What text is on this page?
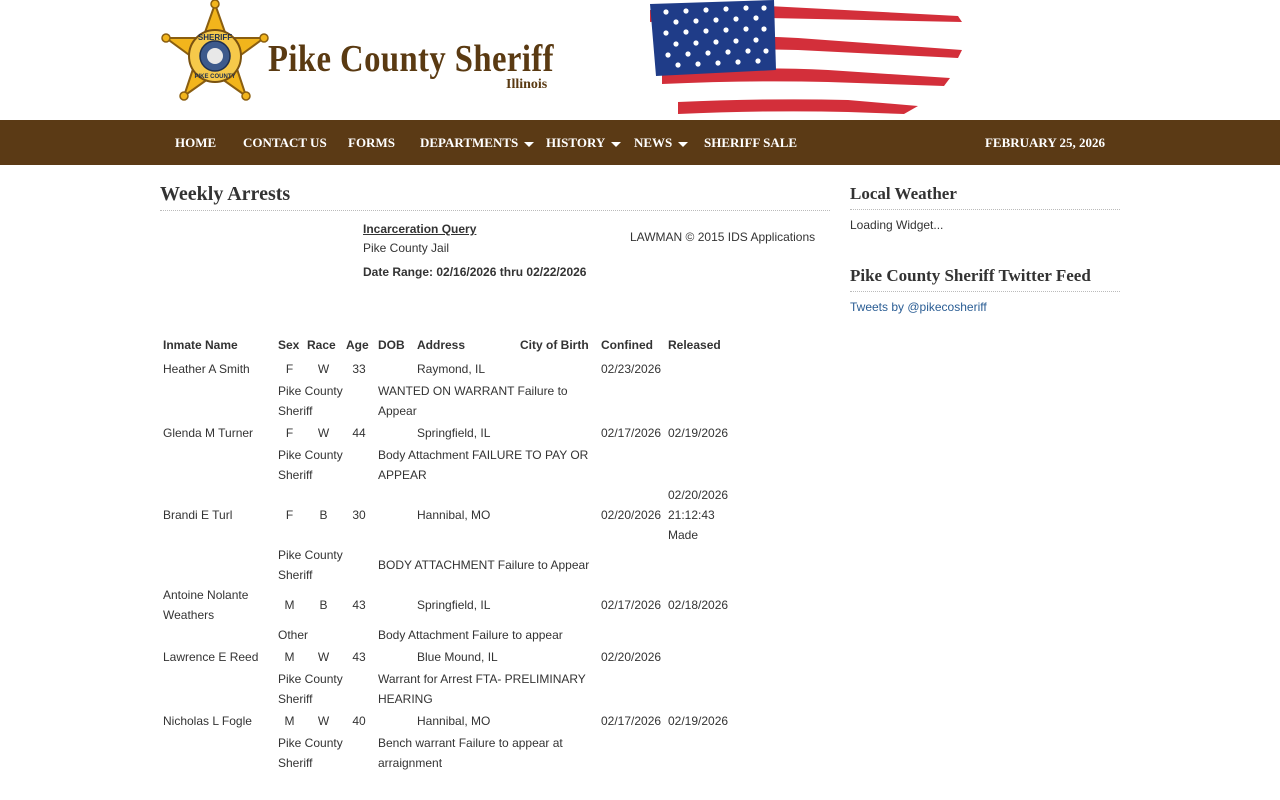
SHERIFF
PIKE COUNTY Pike County Sheriff
Illinois
HOME CONTACT US FORMS DEPARTMENTS	HISTORY	NEWS	SHERIFF SALE	FEBRUARY 25, 2026
Weekly Arrests
Incarceration Query
Pike County Jail
Date Range: 02/16/2026 thru 02/22/2026
LAWMAN © 2015 IDS Applications
Inmate Name	Sex	Race	Age	DOB	Address	City of Birth	Confined	Released
Heather A Smith	F	W	33		Raymond, IL		02/23/2026	
	Pike County Sheriff			WANTED ON WARRANT Failure to Appear				
Glenda M Turner	F	W	44		Springfield, IL		02/17/2026	02/19/2026
	Pike County Sheriff			Body Attachment FAILURE TO PAY OR APPEAR				
Brandi E Turl	F	B	30		Hannibal, MO		02/20/2026	02/20/2026 21:12:43 Made
	Pike County Sheriff			BODY ATTACHMENT Failure to Appear				
Antoine Nolante Weathers	M	B	43		Springfield, IL		02/17/2026	02/18/2026
	Other			Body Attachment Failure to appear				
Lawrence E Reed	M	W	43		Blue Mound, IL		02/20/2026	
	Pike County Sheriff			Warrant for Arrest FTA- PRELIMINARY HEARING				
Nicholas L Fogle	M	W	40		Hannibal, MO		02/17/2026	02/19/2026
	Pike County Sheriff			Bench warrant Failure to appear at arraignment				
Local Weather
Loading Widget...
Pike County Sheriff Twitter Feed
Tweets by @pikecosheriff
